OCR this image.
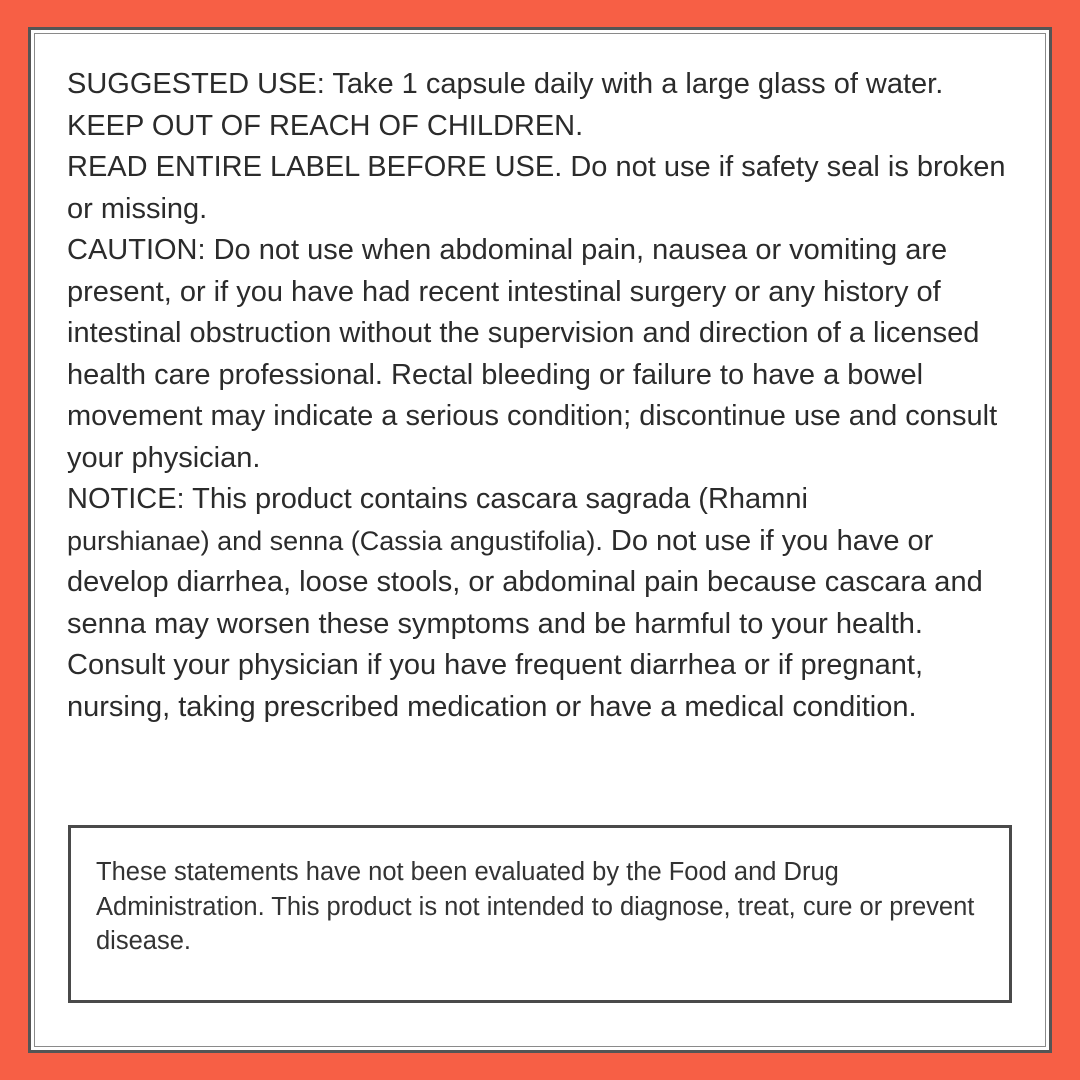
SUGGESTED USE: Take 1 capsule daily with a large glass of water.

KEEP OUT OF REACH OF CHILDREN.

READ ENTIRE LABEL BEFORE USE. Do not use if safety seal is broken or missing.

CAUTION: Do not use when abdominal pain, nausea or vomiting are present, or if you have had recent intestinal surgery or any history of intestinal obstruction without the supervision and direction of a licensed health care professional. Rectal bleeding or failure to have a bowel movement may indicate a serious condition; discontinue use and consult your physician.

NOTICE: This product contains cascara sagrada (Rhamni
purshianae) and senna (Cassia angustifolia). Do not use if you have or develop diarrhea, loose stools, or abdominal pain because cascara and senna may worsen these symptoms and be harmful to your health. Consult your physician if you have frequent diarrhea or if pregnant, nursing, taking prescribed medication or have a medical condition.

These statements have not been evaluated by the Food and Drug Administration. This product is not intended to diagnose, treat, cure or prevent disease.
